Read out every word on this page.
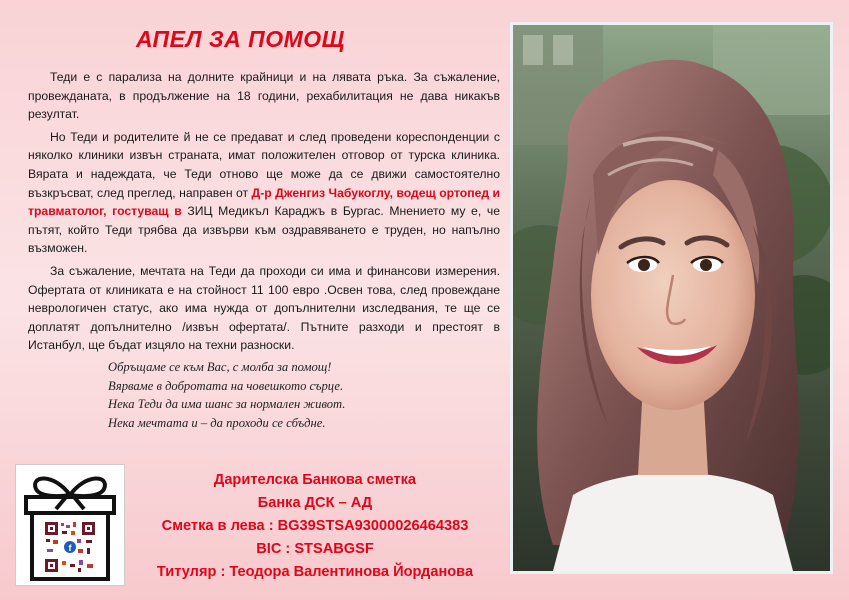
АПЕЛ ЗА ПОМОЩ

Теди е с парализа на долните крайници и на лявата ръка. За съжаление, провежданата, в продължение на 18 години, рехабилитация не дава никакъв резултат.

Но Теди и родителите й не се предават и след проведени кореспонденции с няколко клиники извън страната, имат положителен отговор от турска клиника. Вярата и надеждата, че Теди отново ще може да се движи самостоятелно възкръсват, след преглед, направен от Д-р Дженгиз Чабукоглу, водещ ортопед и травматолог, гостуващ в ЗИЦ Медикъл Караджъ в Бургас. Мнението му е, че пътят, който Теди трябва да извърви към оздравяването е труден, но напълно възможен.

За съжаление, мечтата на Теди да проходи си има и финансови измерения. Офертата от клиниката е на стойност 11 100 евро .Освен това, след провеждане неврологичен статус, ако има нужда от допълнителни изследвания, те ще се доплатят допълнително /извън офертата/. Пътните разходи и престоят в Истанбул, ще бъдат изцяло на техни разноски.

Обръщаме се към Вас, с молба за помощ!
Вярваме в добротата на човешкото сърце.
Нека Теди да има шанс за нормален живот.
Нека мечтата и – да проходи се сбъдне.
Дарителска Банкова сметка
Банка ДСК – АД
Сметка в лева : BG39STSA93000026464383
BIC : STSABGSF
Титуляр : Теодора Валентинова Йорданова
f
